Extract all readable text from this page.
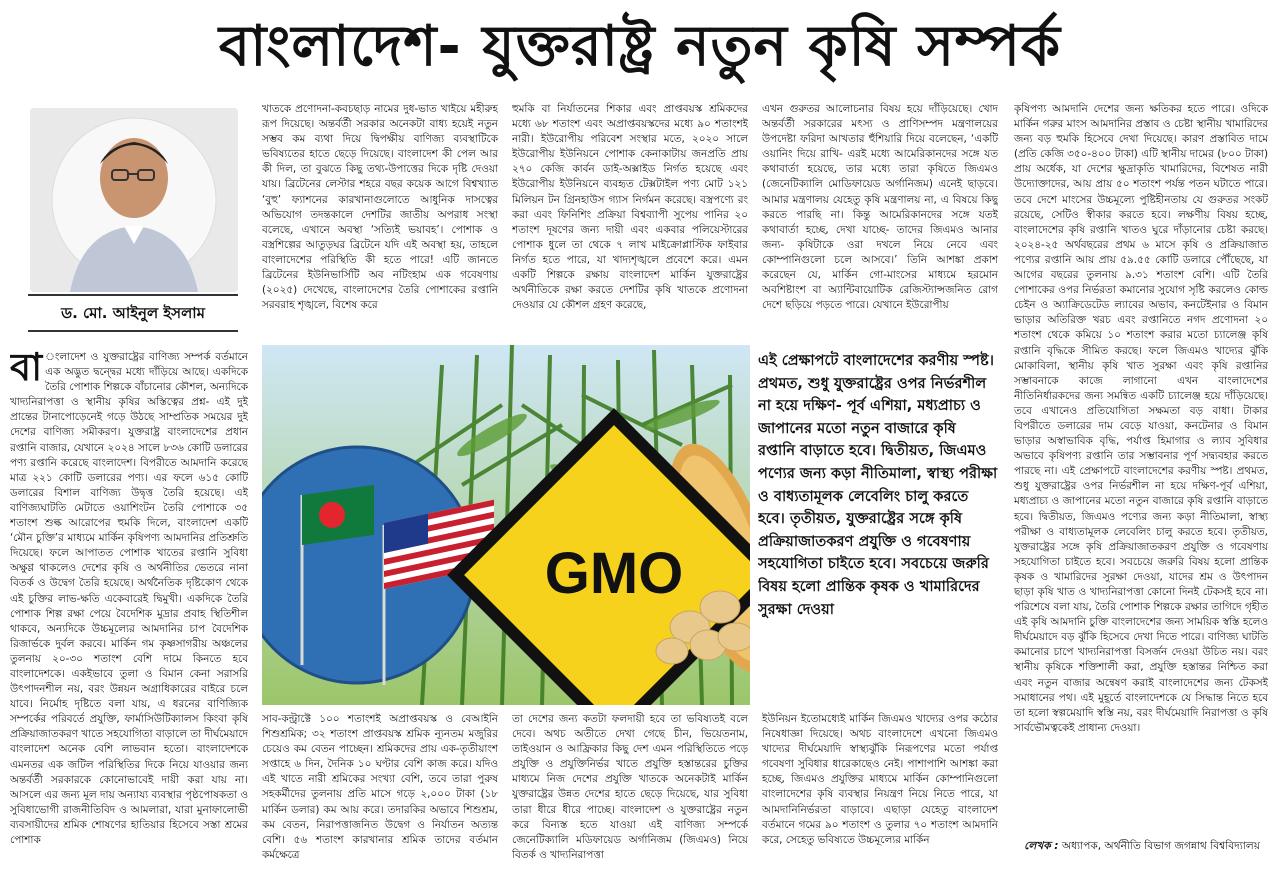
বাংলাদেশ- যুক্তরাষ্ট্র নতুন কৃষি সম্পর্ক
ড. মো. আইনুল ইসলাম
বা ংলাদেশ ও যুক্তরাষ্ট্রের বাণিজ্য সম্পর্ক বর্তমানে এক অদ্ভুত দ্বন্দ্বের মধ্যে দাঁড়িয়ে আছে। একদিকে তৈরি পোশাক শিল্পকে বাঁচানোর কৌশল, অন্যদিকে খাদ্যনিরাপত্তা ও স্থানীয় কৃষির অস্তিত্বের প্রশ্ন- এই দুই প্রান্তের টানাপোড়েনেই গড়ে উঠছে সাম্প্রতিক সময়ের দুই দেশের বাণিজ্য সমীকরণ। যুক্তরাষ্ট্র বাংলাদেশের প্রধান রপ্তানি বাজার, যেখানে ২০২৪ সালে ৮৩৬ কোটি ডলারের পণ্য রপ্তানি করেছে বাংলাদেশ। বিপরীতে আমদানি করেছে মাত্র ২২১ কোটি ডলারের পণ্য। এর ফলে ৬১৫ কোটি ডলারের বিশাল বাণিজ্য উদ্বৃত্ত তৈরি হয়েছে। এই বাণিজ্যঘাটতি মেটাতে ওয়াশিংটন তৈরি পোশাকে ৩৫ শতাংশ শুল্ক আরোপের হুমকি দিলে, বাংলাদেশ একটি ‘মৌন চুক্তি’র মাধ্যমে মার্কিন কৃষিপণ্য আমদানির প্রতিশ্রুতি দিয়েছে। ফলে আপাতত পোশাক খাতের রপ্তানি সুবিধা অক্ষুণ্ণ থাকলেও দেশের কৃষি ও অর্থনীতির ভেতরে নানা বিতর্ক ও উদ্বেগ তৈরি হয়েছে। অর্থনৈতিক দৃষ্টিকোণ থেকে এই চুক্তির লাভ-ক্ষতি একেবারেই দ্বিমুখী। একদিকে তৈরি পোশাক শিল্প রক্ষা পেয়ে বৈদেশিক মুদ্রার প্রবাহ স্থিতিশীল থাকবে, অন্যদিকে উচ্চমূল্যের আমদানির চাপ বৈদেশিক রিজার্ভকে দুর্বল করবে। মার্কিন গম কৃষ্ণসাগরীয় অঞ্চলের তুলনায় ২০-৩০ শতাংশ বেশি দামে কিনতে হবে বাংলাদেশকে। একইভাবে তুলা ও বিমান কেনা সরাসরি উৎপাদনশীল নয়, বরং উন্নয়ন অগ্রাধিকারের বাইরে চলে যাবে। নির্মোহ দৃষ্টিতে বলা যায়, এ ধরনের বাণিজ্যিক সম্পর্কের পরিবর্তে প্রযুক্তি, ফার্মাসিউটিক্যালস কিংবা কৃষি প্রক্রিয়াজাতকরণ খাতে সহযোগিতা বাড়ালে তা দীর্ঘমেয়াদে বাংলাদেশ অনেক বেশি লাভবান হতো। বাংলাদেশকে এমনতর এক জটিল পরিস্থিতির দিকে নিয়ে যাওয়ার জন্য অন্তর্বর্তী সরকারকে কোনোভাবেই দায়ী করা যায় না। আসলে এর জন্য মূল দায় অন্যায্য ব্যবস্থার পৃষ্ঠপোষকতা ও সুবিধাভোগী রাজনীতিবিদ ও আমলারা, যারা মুনাফালোভী ব্যবসায়ীদের শ্রমিক শোষণের হাতিয়ার হিসেবে সস্তা শ্রমের পোশাক
খাতকে প্রণোদনা-কবচছাড় নামের দুধ-ভাত খাইয়ে মহীরুহ রূপ দিয়েছে। অন্তর্বর্তী সরকার অনেকটা বাধ্য হয়েই নতুন সম্ভব কম ব্যথা দিয়ে দ্বিপক্ষীয় বাণিজ্য ব্যবস্থাটিকে ভবিষ্যতের হাতে ছেড়ে দিয়েছে। বাংলাদেশ কী পেল আর কী দিল, তা বুঝতে কিছু তথ্য-উপাত্তের দিকে দৃষ্টি দেওয়া যায়। ব্রিটেনের লেস্টার শহরে বছর কয়েক আগে বিশ্বখ্যাত ‘বুহু’ ফ্যাশনের কারখানাগুলোতে আধুনিক দাসত্বের অভিযোগ তদন্তকালে দেশটির জাতীয় অপরাধ সংস্থা বলেছে, এখানে অবস্থা ‘সত্যিই ভয়াবহ’। পোশাক ও বস্ত্রশিল্পের আতুড়ঘর ব্রিটেনে যদি এই অবস্থা হয়, তাহলে বাংলাদেশের পরিস্থিতি কী হতে পারে! এটি জানতে ব্রিটেনের ইউনিভার্সিটি অব নটিংহাম এক গবেষণায় (২০২৫) দেখেছে, বাংলাদেশের তৈরি পোশাকের রপ্তানি সরবরাহ শৃঙ্খলে, বিশেষ করে
হুমকি বা নির্যাতনের শিকার এবং প্রাপ্তবয়স্ক শ্রমিকদের মধ্যে ৬৮ শতাংশ এবং অপ্রাপ্তবয়স্কদের মধ্যে ৯০ শতাংশই নারী। ইউরোপীয় পরিবেশ সংস্থার মতে, ২০২০ সালে ইউরোপীয় ইউনিয়নে পোশাক কেনাকাটায় জনপ্রতি প্রায় ২৭০ কেজি কার্বন ডাই-অক্সাইড নির্গত হয়েছে এবং ইউরোপীয় ইউনিয়নে ব্যবহৃত টেক্সটাইল পণ্য মোট ১২১ মিলিয়ন টন গ্রিনহাউস গ্যাস নির্গমন করেছে। বস্ত্রপণ্যে রং করা এবং ফিনিশিং প্রক্রিয়া বিশ্বব্যাপী সুপেয় পানির ২০ শতাংশ দূষণের জন্য দায়ী এবং একবার পলিয়েস্টারের পোশাক ধুলে তা থেকে ৭ লাখ মাইক্রোপ্লাস্টিক ফাইবার নির্গত হতে পারে, যা খাদ্যশৃঙ্খলে প্রবেশে করে। এমন একটি শিল্পকে রক্ষায় বাংলাদেশ মার্কিন যুক্তরাষ্ট্রের অর্থনীতিকে রক্ষা করতে দেশটির কৃষি খাতকে প্রণোদনা দেওয়ার যে কৌশল গ্রহণ করেছে,
এখন গুরুতর আলোচনার বিষয় হয়ে দাঁড়িয়েছে। খোদ অন্তর্বর্তী সরকারের মৎস্য ও প্রাণিসম্পদ মন্ত্রণালয়ের উপদেষ্টা ফরিদা আখতার হুঁশিয়ারি দিয়ে বলেছেন, ‘একটি ওয়ানিং দিয়ে রাখি- এরই মধ্যে আমেরিকানদের সঙ্গে যত কথাবার্তা হয়েছে, তার মধ্যে তারা কৃষিতে জিএমও (জেনেটিক্যালি মোডিফায়েড অর্গানিজম) এনেই ছাড়বে। আমার মন্ত্রণালয় যেহেতু কৃষি মন্ত্রণালয় না, এ বিষয়ে কিছু করতে পারছি না। কিন্তু আমেরিকানদের সঙ্গে যতই কথাবার্তা হচ্ছে, দেখা যাচ্ছে- তাদের জিএমও আনার জন্য- কৃষিটাকে ওরা দখলে নিয়ে নেবে এবং কোম্পানিগুলো চলে আসবে।’ তিনি আশঙ্কা প্রকাশ করেছেন যে, মার্কিন গো-মাংসের মাধ্যমে হরমোন অবশিষ্টাংশ বা অ্যান্টিবায়োটিক রেজিস্ট্যান্সজনিত রোগ দেশে ছড়িয়ে পড়তে পারে। যেখানে ইউরোপীয়
কৃষিপণ্য আমদানি দেশের জন্য ক্ষতিকর হতে পারে। ওদিকে মার্কিন গরুর মাংস আমদানির প্রস্তাব ও চেষ্টা স্থানীয় খামারিদের জন্য বড় হুমকি হিসেবে দেখা দিয়েছে। কারণ প্রস্তাবিত দামে (প্রতি কেজি ৩৫০-৪০০ টাকা) এটি স্থানীয় দামের (৮০০ টাকা) প্রায় অর্ধেক, যা দেশের ক্ষুদ্রাকৃতি খামারিদের, বিশেষত নারী উদ্যোক্তাদের, আয় প্রায় ৫০ শতাংশ পর্যন্ত পতন ঘটাতে পারে। তবে দেশে মাংসের উচ্চমূল্যে পুষ্টিহীনতায় যে গুরুতর সংকট রয়েছে, সেটিও স্বীকার করতে হবে। লক্ষণীয় বিষয় হচ্ছে, বাংলাদেশের কৃষি রপ্তানি খাতও ঘুরে দাঁড়ানোর চেষ্টা করছে। ২০২৪-২৫ অর্থবছরের প্রথম ৬ মাসে কৃষি ও প্রক্রিয়াজাত পণ্যের রপ্তানি আয় প্রায় ৫৯.৫৫ কোটি ডলারে পৌঁছেছে, যা আগের বছরের তুলনায় ৯.৩১ শতাংশ বেশি। এটি তৈরি পোশাকের ওপর নির্ভরতা কমানোর সুযোগ সৃষ্টি করলেও কোল্ড চেইন ও অ্যাক্রিডেটেড ল্যাবের অভাব, কনটেইনার ও বিমান ভাড়ার অতিরিক্ত খরচ এবং রপ্তানিতে নগদ প্রণোদনা ২০ শতাংশ থেকে কমিয়ে ১০ শতাংশ করার মতো চ্যালেঞ্জ কৃষি রপ্তানি বৃদ্ধিকে সীমিত করছে। ফলে জিএমও খাদ্যের ঝুঁকি মোকাবিলা, স্থানীয় কৃষি খাত সুরক্ষা এবং কৃষি রপ্তানির সম্ভাবনাকে কাজে লাগানো এখন বাংলাদেশের নীতিনির্ধারকদের জন্য সমন্বিত একটি চ্যালেঞ্জ হয়ে দাঁড়িয়েছে। তবে এখানেও প্রতিযোগিতা সক্ষমতা বড় বাধা। টাকার বিপরীতে ডলারের দাম বেড়ে যাওয়া, কনটেনার ও বিমান ভাড়ার অস্বাভাবিক বৃদ্ধি, পর্যাপ্ত হিমাগার ও ল্যাব সুবিধার অভাবে কৃষিপণ্য রপ্তানি তার সম্ভাবনার পূর্ণ সদ্ব্যবহার করতে পারছে না। এই প্রেক্ষাপটে বাংলাদেশের করণীয় স্পষ্ট। প্রথমত, শুধু যুক্তরাষ্ট্রের ওপর নির্ভরশীল না হয়ে দক্ষিণ-পূর্ব এশিয়া, মধ্যপ্রাচ্য ও জাপানের মতো নতুন বাজারে কৃষি রপ্তানি বাড়াতে হবে। দ্বিতীয়ত, জিএমও পণ্যের জন্য কড়া নীতিমালা, স্বাস্থ্য পরীক্ষা ও বাধ্যতামূলক লেবেলিং চালু করতে হবে। তৃতীয়ত, যুক্তরাষ্ট্রের সঙ্গে কৃষি প্রক্রিয়াজাতকরণ প্রযুক্তি ও গবেষণায় সহযোগিতা চাইতে হবে। সবচেয়ে জরুরি বিষয় হলো প্রান্তিক কৃষক ও খামারিদের সুরক্ষা দেওয়া, যাদের শ্রম ও উৎপাদন ছাড়া কৃষি খাত ও খাদ্যনিরাপত্তা কোনো দিনই টেকসই হবে না। পরিশেষে বলা যায়, তৈরি পোশাক শিল্পকে রক্ষার তাগিদে গৃহীত এই কৃষি আমদানি চুক্তি বাংলাদেশের জন্য সাময়িক স্বস্তি হলেও দীর্ঘমেয়াদে বড় ঝুঁকি হিসেবে দেখা দিতে পারে। বাণিজ্য ঘাটতি কমানোর চাপে খাদ্যনিরাপত্তা বিসর্জন দেওয়া উচিত নয়। বরং স্থানীয় কৃষিকে শক্তিশালী করা, প্রযুক্তি হস্তান্তর নিশ্চিত করা এবং নতুন বাজার অন্বেষণ করাই বাংলাদেশের জন্য টেকসই সমাধানের পথ। এই মুহূর্তে বাংলাদেশকে যে সিদ্ধান্ত নিতে হবে তা হলো স্বল্পমেয়াদি স্বস্তি নয়, বরং দীর্ঘমেয়াদি নিরাপত্তা ও কৃষি সার্বভৌমত্বকেই প্রাধান্য দেওয়া।
GMO
এই প্রেক্ষাপটে বাংলাদেশের করণীয় স্পষ্ট। প্রথমত, শুধু যুক্তরাষ্ট্রের ওপর নির্ভরশীল না হয়ে দক্ষিণ- পূর্ব এশিয়া, মধ্যপ্রাচ্য ও জাপানের মতো নতুন বাজারে কৃষি রপ্তানি বাড়াতে হবে। দ্বিতীয়ত, জিএমও পণ্যের জন্য কড়া নীতিমালা, স্বাস্থ্য পরীক্ষা ও বাধ্যতামূলক লেবেলিং চালু করতে হবে। তৃতীয়ত, যুক্তরাষ্ট্রের সঙ্গে কৃষি প্রক্রিয়াজাতকরণ প্রযুক্তি ও গবেষণায় সহযোগিতা চাইতে হবে। সবচেয়ে জরুরি বিষয় হলো প্রান্তিক কৃষক ও খামারিদের সুরক্ষা দেওয়া
সাব-কন্ট্রাক্টে ১০০ শতাংশই অপ্রাপ্তবয়স্ক ও বেআইনি শিশুশ্রমিক; ৩২ শতাংশ প্রাপ্তবয়স্ক শ্রমিক ন্যূনতম মজুরির চেয়েও কম বেতন পাচ্ছেন। শ্রমিকদের প্রায় এক-তৃতীয়াংশ সপ্তাহে ৬ দিন, দৈনিক ১০ ঘণ্টার বেশি কাজ করে। যদিও এই খাতে নারী শ্রমিকের সংখ্যা বেশি, তবে তারা পুরুষ সহকর্মীদের তুলনায় প্রতি মাসে গড়ে ২,০০০ টাকা (১৮ মার্কিন ডলার) কম আয় করে। তদারকির অভাবে শিশুশ্রম, কম বেতন, নিরাপত্তাজনিত উদ্বেগ ও নির্যাতন অত্যন্ত বেশি। ৫৬ শতাংশ কারখানার শ্রমিক তাদের বর্তমান কর্মক্ষেত্রে
তা দেশের জন্য কতটা ফলদায়ী হবে তা ভবিষ্যতই বলে দেবে। অথচ অতীতে দেখা গেছে চীন, ভিয়েতনাম, তাইওয়ান ও আফ্রিকার কিছু দেশ এমন পরিস্থিতিতে পড়ে প্রযুক্তি ও প্রযুক্তিনির্ভর খাতে প্রযুক্তি হস্তান্তরের চুক্তির মাধ্যমে নিজ দেশের প্রযুক্তি খাতকে অনেকটাই মার্কিন যুক্তরাষ্ট্রের উন্নত দেশের হাতে ছেড়ে দিয়েছে, যার সুবিধা তারা ধীরে ধীরে পাচ্ছে। বাংলাদেশ ও যুক্তরাষ্ট্রের নতুন করে বিন্যস্ত হতে যাওয়া এই বাণিজ্য সম্পর্কে জেনেটিক্যালি মডিফায়েড অর্গানিজম (জিএমও) নিয়ে বিতর্ক ও খাদ্যনিরাপত্তা
ইউনিয়ন ইতোমধ্যেই মার্কিন জিএমও খাদ্যের ওপর কঠোর নিষেধাজ্ঞা দিয়েছে। অথচ বাংলাদেশে এখনো জিএমও খাদ্যের দীর্ঘমেয়াদি স্বাস্থ্যঝুঁকি নিরূপণের মতো পর্যাপ্ত গবেষণা সুবিধার ধারেকাছেও নেই। পাশাপাশি আশঙ্কা করা হচ্ছে, জিএমও প্রযুক্তির মাধ্যমে মার্কিন কোম্পানিগুলো বাংলাদেশের কৃষি ব্যবস্থার নিয়ন্ত্রণ নিয়ে নিতে পারে, যা আমদানিনির্ভরতা বাড়াবে। এছাড়া যেহেতু বাংলাদেশ বর্তমানে গমের ৯০ শতাংশ ও তুলার ৭০ শতাংশ আমদানি করে, সেহেতু ভবিষ্যতে উচ্চমূল্যের মার্কিন
লেখক : অধ্যাপক, অর্থনীতি বিভাগ জগন্নাথ বিশ্ববিদ্যালয়
